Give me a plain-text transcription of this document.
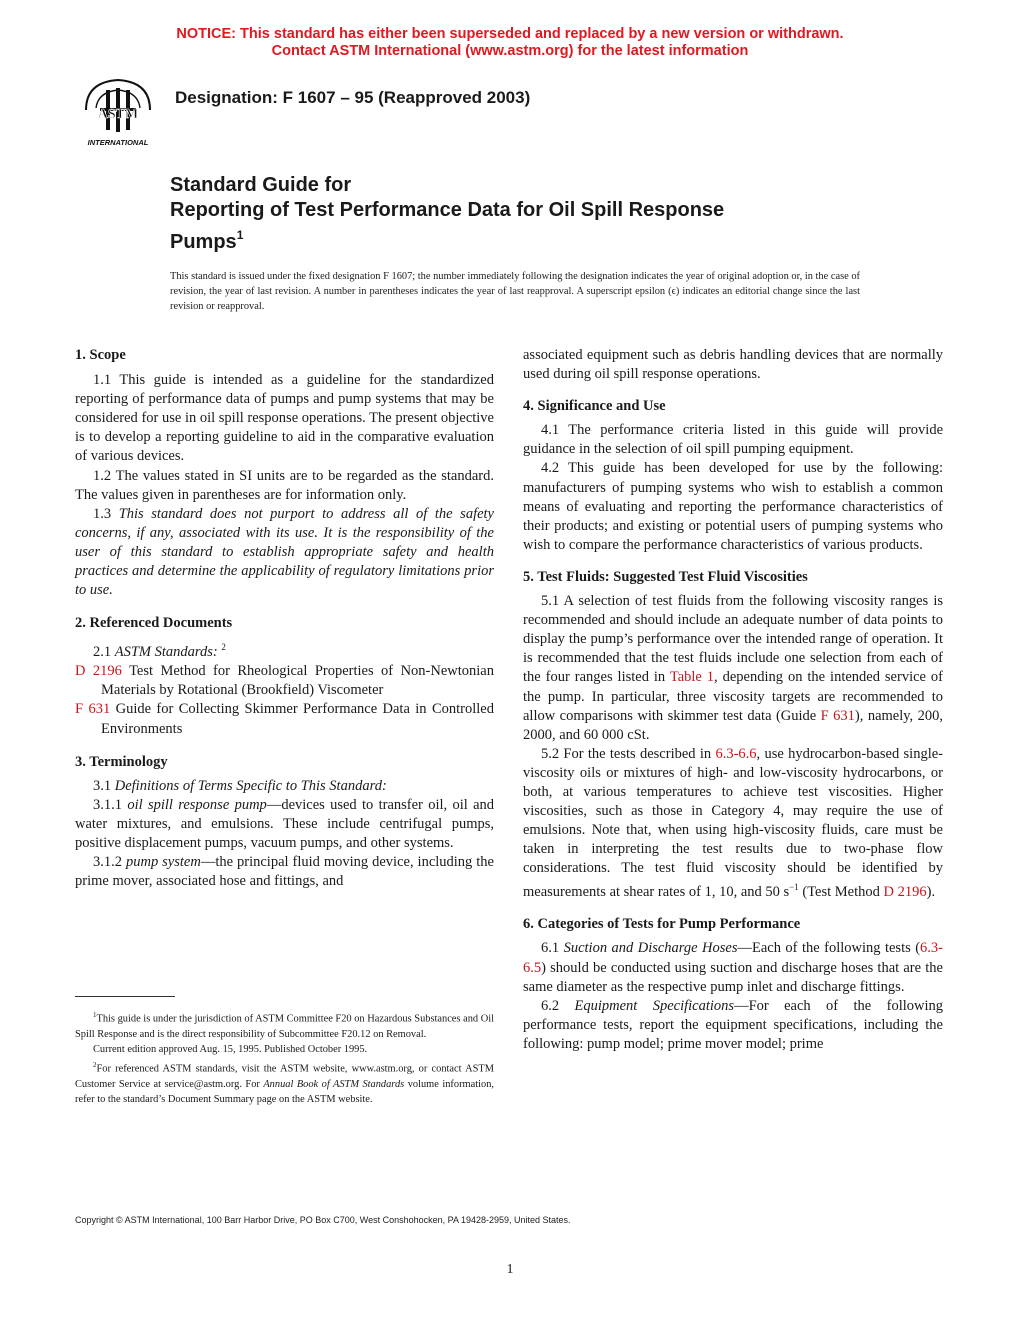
NOTICE: This standard has either been superseded and replaced by a new version or withdrawn.
Contact ASTM International (www.astm.org) for the latest information
ASTM
INTERNATIONAL
Designation: F 1607 – 95 (Reapproved 2003)
Standard Guide for
Reporting of Test Performance Data for Oil Spill Response
Pumps$^1$
This standard is issued under the fixed designation F 1607; the number immediately following the designation indicates the year of original adoption or, in the case of revision, the year of last revision. A number in parentheses indicates the year of last reapproval. A superscript epsilon (ϵ) indicates an editorial change since the last revision or reapproval.

1. Scope

1.1 This guide is intended as a guideline for the standardized reporting of performance data of pumps and pump systems that may be considered for use in oil spill response operations. The present objective is to develop a reporting guideline to aid in the comparative evaluation of various devices.

1.2 The values stated in SI units are to be regarded as the standard. The values given in parentheses are for information only.

1.3 This standard does not purport to address all of the safety concerns, if any, associated with its use. It is the responsibility of the user of this standard to establish appropriate safety and health practices and determine the applicability of regulatory limitations prior to use.

2. Referenced Documents

2.1 ASTM Standards: $^2$

D 2196 Test Method for Rheological Properties of Non-Newtonian Materials by Rotational (Brookfield) Viscometer

F 631 Guide for Collecting Skimmer Performance Data in Controlled Environments

3. Terminology

3.1 Definitions of Terms Specific to This Standard:

3.1.1 oil spill response pump—devices used to transfer oil, oil and water mixtures, and emulsions. These include centrifugal pumps, positive displacement pumps, vacuum pumps, and other systems.

3.1.2 pump system—the principal fluid moving device, including the prime mover, associated hose and fittings, and

associated equipment such as debris handling devices that are normally used during oil spill response operations.

4. Significance and Use

4.1 The performance criteria listed in this guide will provide guidance in the selection of oil spill pumping equipment.

4.2 This guide has been developed for use by the following: manufacturers of pumping systems who wish to establish a common means of evaluating and reporting the performance characteristics of their products; and existing or potential users of pumping systems who wish to compare the performance characteristics of various products.

5. Test Fluids: Suggested Test Fluid Viscosities

5.1 A selection of test fluids from the following viscosity ranges is recommended and should include an adequate number of data points to display the pump’s performance over the intended range of operation. It is recommended that the test fluids include one selection from each of the four ranges listed in Table 1, depending on the intended service of the pump. In particular, three viscosity targets are recommended to allow comparisons with skimmer test data (Guide F 631), namely, 200, 2000, and 60 000 cSt.

5.2 For the tests described in 6.3-6.6, use hydrocarbon-based single-viscosity oils or mixtures of high- and low-viscosity hydrocarbons, or both, at various temperatures to achieve test viscosities. Higher viscosities, such as those in Category 4, may require the use of emulsions. Note that, when using high-viscosity fluids, care must be taken in interpreting the test results due to two-phase flow considerations. The test fluid viscosity should be identified by measurements at shear rates of 1, 10, and 50 $s^{-1}$ (Test Method D 2196).

6. Categories of Tests for Pump Performance

6.1 Suction and Discharge Hoses—Each of the following tests (6.3-6.5) should be conducted using suction and discharge hoses that are the same diameter as the respective pump inlet and discharge fittings.

6.2 Equipment Specifications—For each of the following performance tests, report the equipment specifications, including the following: pump model; prime mover model; prime

$^1$This guide is under the jurisdiction of ASTM Committee F20 on Hazardous Substances and Oil Spill Response and is the direct responsibility of Subcommittee F20.12 on Removal.

Current edition approved Aug. 15, 1995. Published October 1995.

$^2$For referenced ASTM standards, visit the ASTM website, www.astm.org, or contact ASTM Customer Service at service@astm.org. For Annual Book of ASTM Standards volume information, refer to the standard’s Document Summary page on the ASTM website.

Copyright © ASTM International, 100 Barr Harbor Drive, PO Box C700, West Conshohocken, PA 19428-2959, United States.
1
